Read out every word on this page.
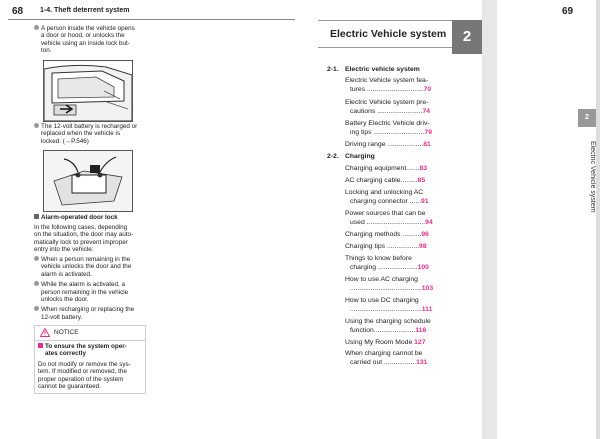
68 1-4. Theft deterrent system
A person inside the vehicle opens
a door or hood, or unlocks the
vehicle using an inside lock but-
ton.
The 12-volt battery is recharged or
replaced when the vehicle is
locked. (→P.546)
Alarm-operated door lock
In the following cases, depending
on the situation, the door may auto-
matically lock to prevent improper
entry into the vehicle:
When a person remaining in the
vehicle unlocks the door and the
alarm is activated.
While the alarm is activated, a
person remaining in the vehicle
unlocks the door.
When recharging or replacing the
12-volt battery.
NOTICE
To ensure the system oper-
ates correctly
Do not modify or remove the sys-
tem. If modified or removed, the
proper operation of the system
cannot be guaranteed.
69
Electric Vehicle system	2
2
Electric Vehicle system
2-1. Electric vehicle system
Electric Vehicle system fea-
tures ..............................70
Electric Vehicle system pre-
cautions ........................74
Battery Electric Vehicle driv-
ing tips ...........................79
Driving range ...................81
2-2. Charging
Charging equipment.......83
AC charging cable.........85
Locking and unlocking AC
charging connector ......91
Power sources that can be
used ...............................94
Charging methods ..........96
Charging tips .................98
Things to know before
charging .....................100
How to use AC charging
......................................103
How to use DC charging
......................................111
Using the charging schedule
function......................116
Using My Room Mode 127
When charging cannot be
carried out .................131
